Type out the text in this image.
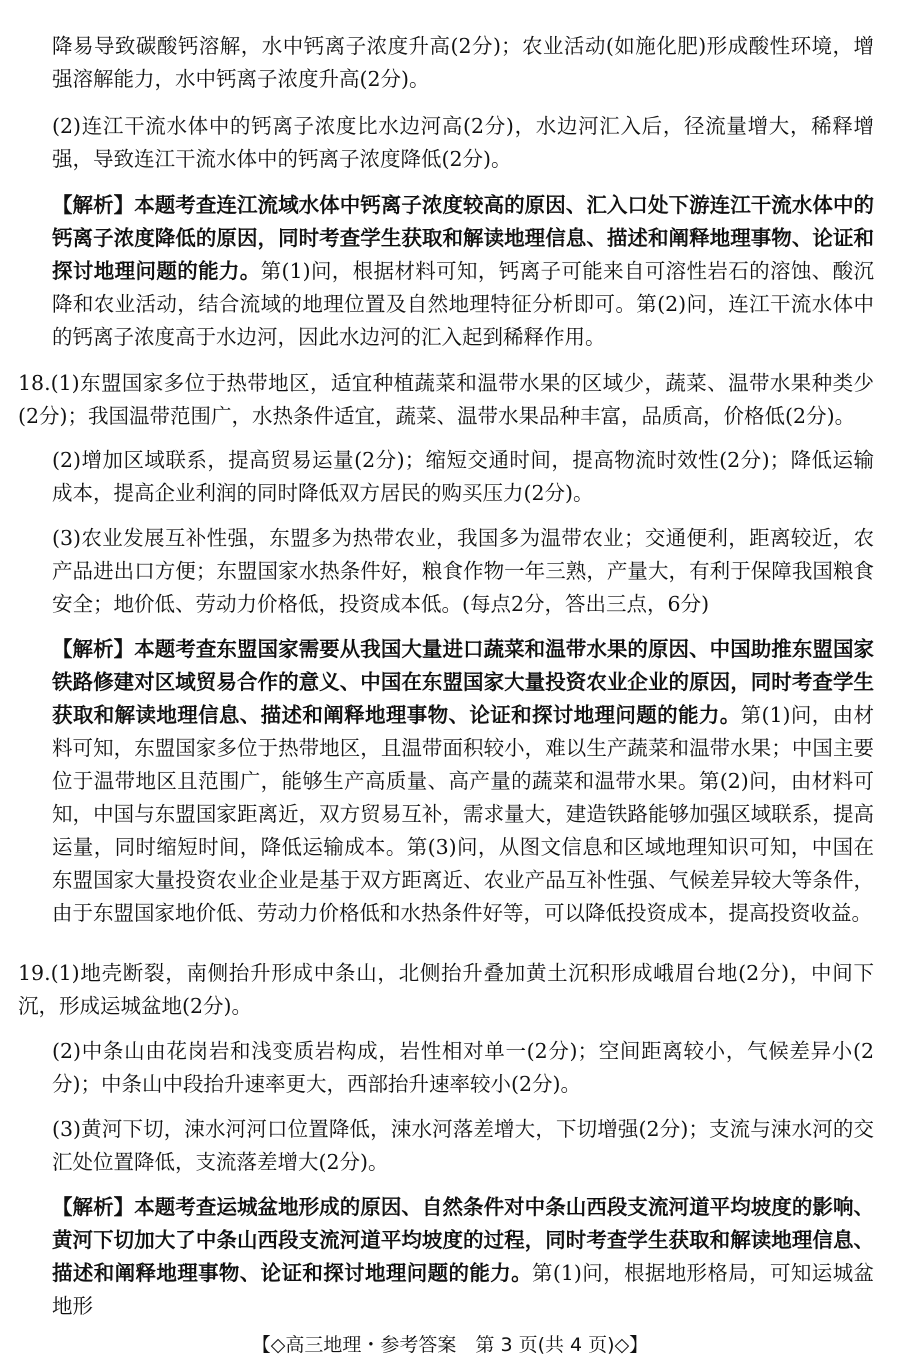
降易导致碳酸钙溶解，水中钙离子浓度升高(2分)；农业活动(如施化肥)形成酸性环境，增强溶解能力，水中钙离子浓度升高(2分)。

(2)连江干流水体中的钙离子浓度比水边河高(2分)，水边河汇入后，径流量增大，稀释增强，导致连江干流水体中的钙离子浓度降低(2分)。

【解析】本题考查连江流域水体中钙离子浓度较高的原因、汇入口处下游连江干流水体中的钙离子浓度降低的原因，同时考查学生获取和解读地理信息、描述和阐释地理事物、论证和探讨地理问题的能力。第(1)问，根据材料可知，钙离子可能来自可溶性岩石的溶蚀、酸沉降和农业活动，结合流域的地理位置及自然地理特征分析即可。第(2)问，连江干流水体中的钙离子浓度高于水边河，因此水边河的汇入起到稀释作用。

18.(1)东盟国家多位于热带地区，适宜种植蔬菜和温带水果的区域少，蔬菜、温带水果种类少(2分)；我国温带范围广，水热条件适宜，蔬菜、温带水果品种丰富，品质高，价格低(2分)。

(2)增加区域联系，提高贸易运量(2分)；缩短交通时间，提高物流时效性(2分)；降低运输成本，提高企业利润的同时降低双方居民的购买压力(2分)。

(3)农业发展互补性强，东盟多为热带农业，我国多为温带农业；交通便利，距离较近，农产品进出口方便；东盟国家水热条件好，粮食作物一年三熟，产量大，有利于保障我国粮食安全；地价低、劳动力价格低，投资成本低。(每点2分，答出三点，6分)

【解析】本题考查东盟国家需要从我国大量进口蔬菜和温带水果的原因、中国助推东盟国家铁路修建对区域贸易合作的意义、中国在东盟国家大量投资农业企业的原因，同时考查学生获取和解读地理信息、描述和阐释地理事物、论证和探讨地理问题的能力。第(1)问，由材料可知，东盟国家多位于热带地区，且温带面积较小，难以生产蔬菜和温带水果；中国主要位于温带地区且范围广，能够生产高质量、高产量的蔬菜和温带水果。第(2)问，由材料可知，中国与东盟国家距离近，双方贸易互补，需求量大，建造铁路能够加强区域联系，提高运量，同时缩短时间，降低运输成本。第(3)问，从图文信息和区域地理知识可知，中国在东盟国家大量投资农业企业是基于双方距离近、农业产品互补性强、气候差异较大等条件，由于东盟国家地价低、劳动力价格低和水热条件好等，可以降低投资成本，提高投资收益。

19.(1)地壳断裂，南侧抬升形成中条山，北侧抬升叠加黄土沉积形成峨眉台地(2分)，中间下沉，形成运城盆地(2分)。

(2)中条山由花岗岩和浅变质岩构成，岩性相对单一(2分)；空间距离较小，气候差异小(2分)；中条山中段抬升速率更大，西部抬升速率较小(2分)。

(3)黄河下切，涑水河河口位置降低，涑水河落差增大，下切增强(2分)；支流与涑水河的交汇处位置降低，支流落差增大(2分)。

【解析】本题考查运城盆地形成的原因、自然条件对中条山西段支流河道平均坡度的影响、黄河下切加大了中条山西段支流河道平均坡度的过程，同时考查学生获取和解读地理信息、描述和阐释地理事物、论证和探讨地理问题的能力。第(1)问，根据地形格局，可知运城盆地形

【◇高三地理・参考答案　第 3 页(共 4 页)◇】
